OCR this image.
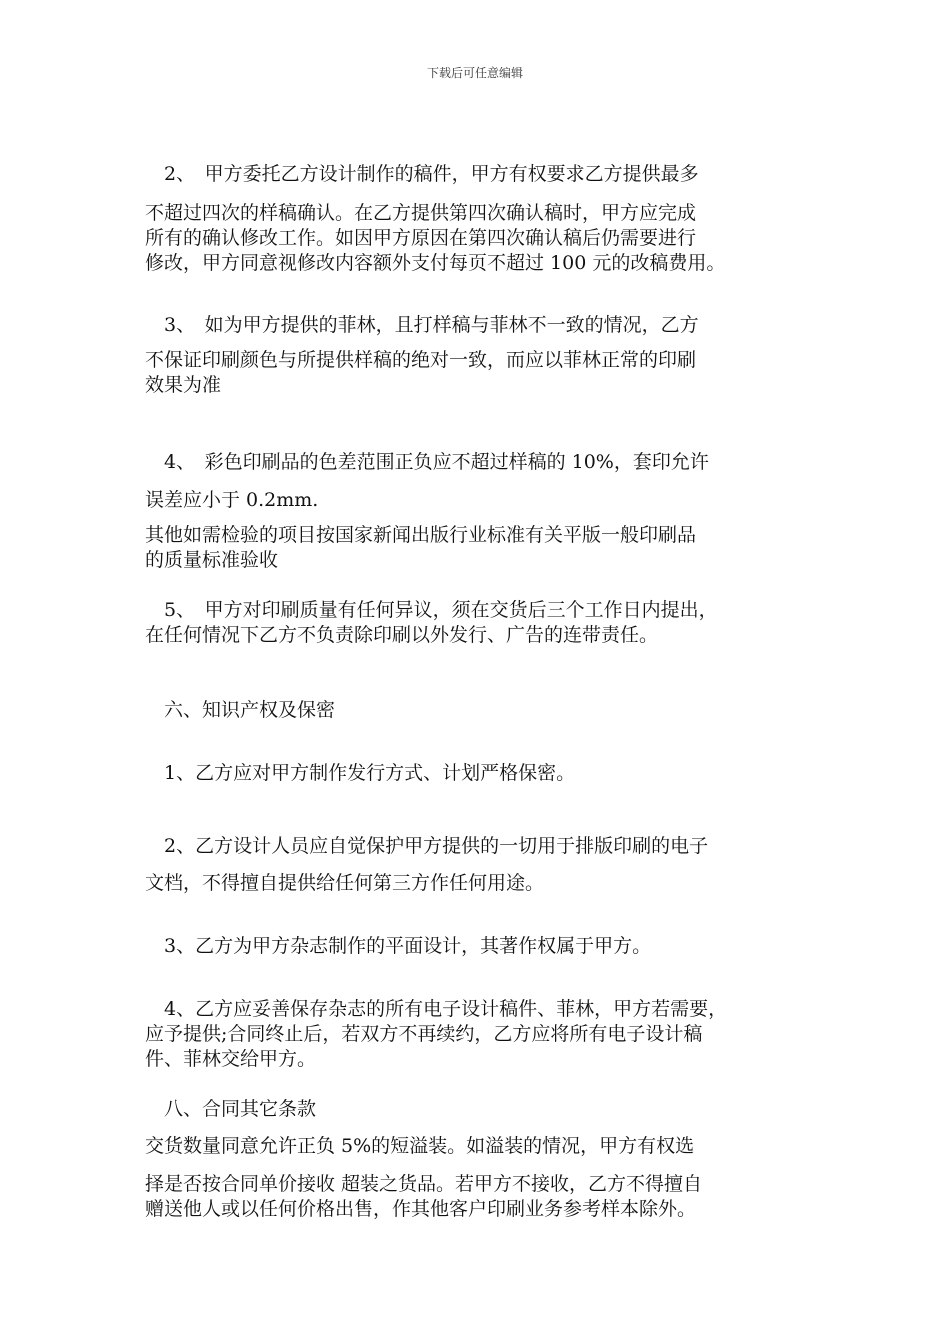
下载后可任意编辑
　2、　甲方委托乙方设计制作的稿件，甲方有权要求乙方提供最多
不超过四次的样稿确认。在乙方提供第四次确认稿时，甲方应完成
所有的确认修改工作。如因甲方原因在第四次确认稿后仍需要进行
修改，甲方同意视修改内容额外支付每页不超过 100 元的改稿费用。
　3、　如为甲方提供的菲林，且打样稿与菲林不一致的情况，乙方
不保证印刷颜色与所提供样稿的绝对一致，而应以菲林正常的印刷
效果为准
　4、　彩色印刷品的色差范围正负应不超过样稿的 10%，套印允许
误差应小于 0.2mm.
其他如需检验的项目按国家新闻出版行业标准有关平版一般印刷品
的质量标准验收
　5、　甲方对印刷质量有任何异议，须在交货后三个工作日内提出，
在任何情况下乙方不负责除印刷以外发行、广告的连带责任。
　六、知识产权及保密
　1、乙方应对甲方制作发行方式、计划严格保密。
　2、乙方设计人员应自觉保护甲方提供的一切用于排版印刷的电子
文档，不得擅自提供给任何第三方作任何用途。
　3、乙方为甲方杂志制作的平面设计，其著作权属于甲方。
　4、乙方应妥善保存杂志的所有电子设计稿件、菲林，甲方若需要，
应予提供;合同终止后，若双方不再续约，乙方应将所有电子设计稿
件、菲林交给甲方。
　八、合同其它条款
交货数量同意允许正负 5%的短溢装。如溢装的情况，甲方有权选
择是否按合同单价接收 超装之货品。若甲方不接收，乙方不得擅自
赠送他人或以任何价格出售，作其他客户印刷业务参考样本除外。
